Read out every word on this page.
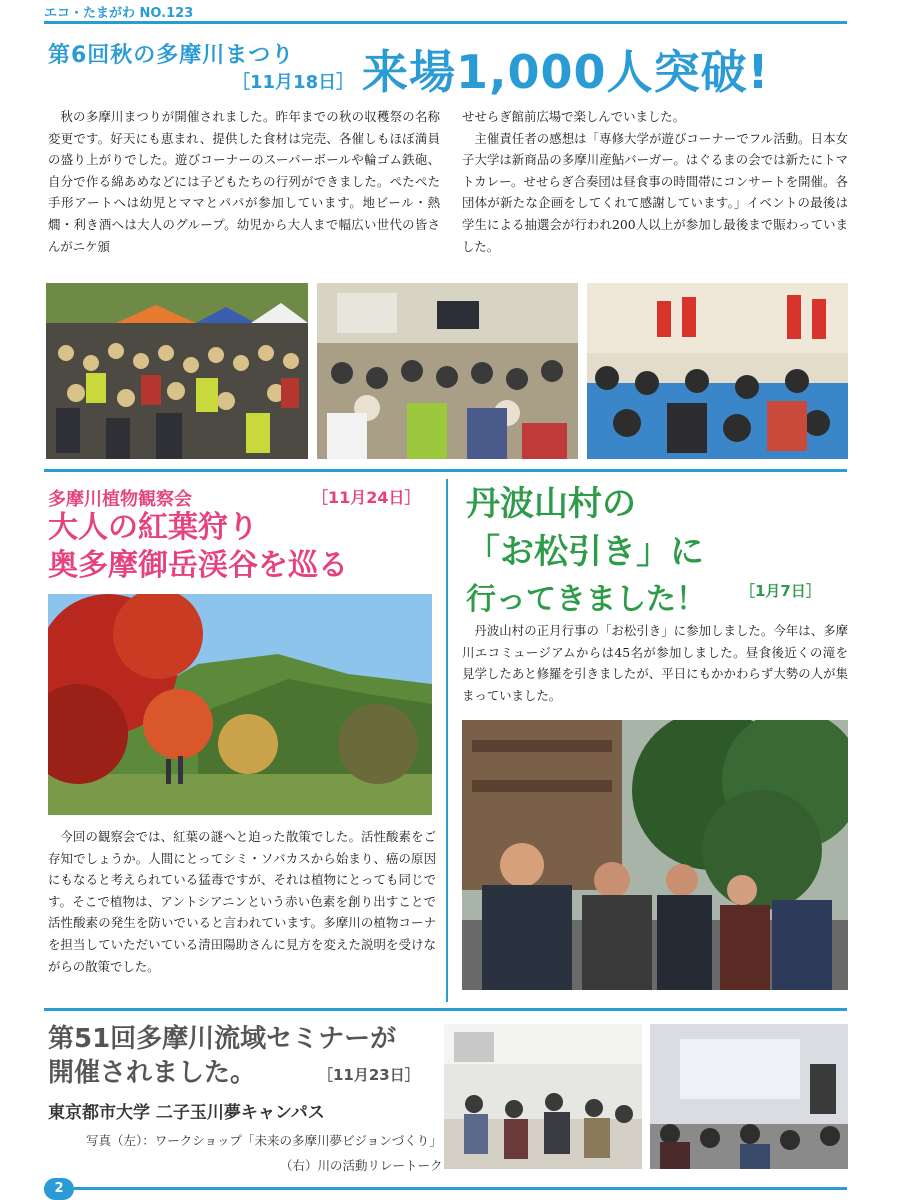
エコ・たまがわ NO.123
第6回秋の多摩川まつり
［11月18日］ 来場1,000人突破!

秋の多摩川まつりが開催されました。昨年までの秋の収穫祭の名称変更です。好天にも恵まれ、提供した食材は完売、各催しもほぼ満員の盛り上がりでした。遊びコーナーのスーパーボールや輪ゴム鉄砲、自分で作る綿あめなどには子どもたちの行列ができました。ぺたぺた手形アートへは幼児とママとパパが参加しています。地ビール・熱燗・利き酒へは大人のグループ。幼児から大人まで幅広い世代の皆さんがニケ頒

せせらぎ館前広場で楽しんでいました。

主催責任者の感想は「専修大学が遊びコーナーでフル活動。日本女子大学は新商品の多摩川産鮎バーガー。はぐるまの会では新たにトマトカレー。せせらぎ合奏団は昼食事の時間帯にコンサートを開催。各団体が新たな企画をしてくれて感謝しています。」イベントの最後は学生による抽選会が行われ200人以上が参加し最後まで賑わっていました。

多摩川植物観察会	［11月24日］
大人の紅葉狩り
奥多摩御岳渓谷を巡る

今回の観察会では、紅葉の謎へと迫った散策でした。活性酸素をご存知でしょうか。人間にとってシミ・ソバカスから始まり、癌の原因にもなると考えられている猛毒ですが、それは植物にとっても同じです。そこで植物は、アントシアニンという赤い色素を創り出すことで活性酸素の発生を防いでいると言われています。多摩川の植物コーナを担当していただいている清田陽助さんに見方を変えた説明を受けながらの散策でした。

丹波山村の
「お松引き」に
行ってきました！ ［1月7日］

丹波山村の正月行事の「お松引き」に参加しました。今年は、多摩川エコミュージアムからは45名が参加しました。昼食後近くの滝を見学したあと修羅を引きましたが、平日にもかかわらず大勢の人が集まっていました。

第51回多摩川流域セミナーが
開催されました。	［11月23日］
東京都市大学 二子玉川夢キャンパス
写真（左）：ワークショップ「未来の多摩川夢ビジョンづくり」
（右）川の活動リレートーク
2
